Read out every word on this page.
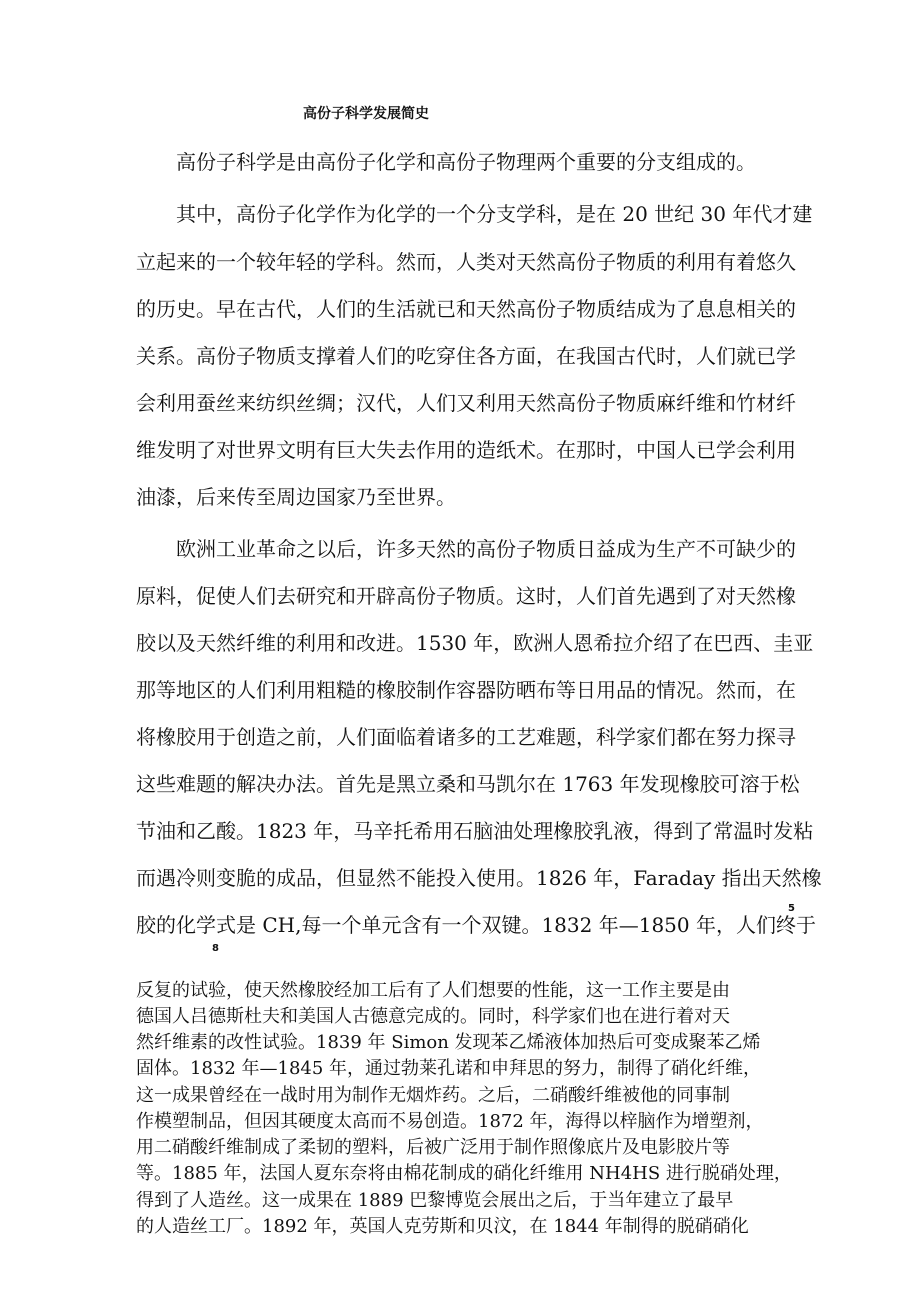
高份子科学发展简史
高份子科学是由高份子化学和高份子物理两个重要的分支组成的。
其中，高份子化学作为化学的一个分支学科，是在 20 世纪 30 年代才建
立起来的一个较年轻的学科。然而，人类对天然高份子物质的利用有着悠久
的历史。早在古代，人们的生活就已和天然高份子物质结成为了息息相关的
关系。高份子物质支撑着人们的吃穿住各方面，在我国古代时，人们就已学
会利用蚕丝来纺织丝绸；汉代，人们又利用天然高份子物质麻纤维和竹材纤
维发明了对世界文明有巨大失去作用的造纸术。在那时，中国人已学会利用
油漆，后来传至周边国家乃至世界。
欧洲工业革命之以后，许多天然的高份子物质日益成为生产不可缺少的
原料，促使人们去研究和开辟高份子物质。这时，人们首先遇到了对天然橡
胶以及天然纤维的利用和改进。1530 年，欧洲人恩希拉介绍了在巴西、圭亚
那等地区的人们利用粗糙的橡胶制作容器防晒布等日用品的情况。然而，在
将橡胶用于创造之前，人们面临着诸多的工艺难题，科学家们都在努力探寻
这些难题的解决办法。首先是黑立桑和马凯尔在 1763 年发现橡胶可溶于松
节油和乙酸。1823 年，马辛托希用石脑油处理橡胶乳液，得到了常温时发粘
而遇冷则变脆的成品，但显然不能投入使用。1826 年，Faraday 指出天然橡
胶的化学式是 CH,每一个单元含有一个双键。1832 年—1850 年，人们终于
5
8
反复的试验，使天然橡胶经加工后有了人们想要的性能，这一工作主要是由
德国人吕德斯杜夫和美国人古德意完成的。同时，科学家们也在进行着对天
然纤维素的改性试验。1839 年 Simon 发现苯乙烯液体加热后可变成聚苯乙烯
固体。1832 年—1845 年，通过勃莱孔诺和申拜思的努力，制得了硝化纤维，
这一成果曾经在一战时用为制作无烟炸药。之后，二硝酸纤维被他的同事制
作模塑制品，但因其硬度太高而不易创造。1872 年，海得以梓脑作为增塑剂，
用二硝酸纤维制成了柔韧的塑料，后被广泛用于制作照像底片及电影胶片等
等。1885 年，法国人夏东奈将由棉花制成的硝化纤维用 NH4HS 进行脱硝处理，
得到了人造丝。这一成果在 1889 巴黎博览会展出之后，于当年建立了最早
的人造丝工厂。1892 年，英国人克劳斯和贝汶，在 1844 年制得的脱硝硝化
